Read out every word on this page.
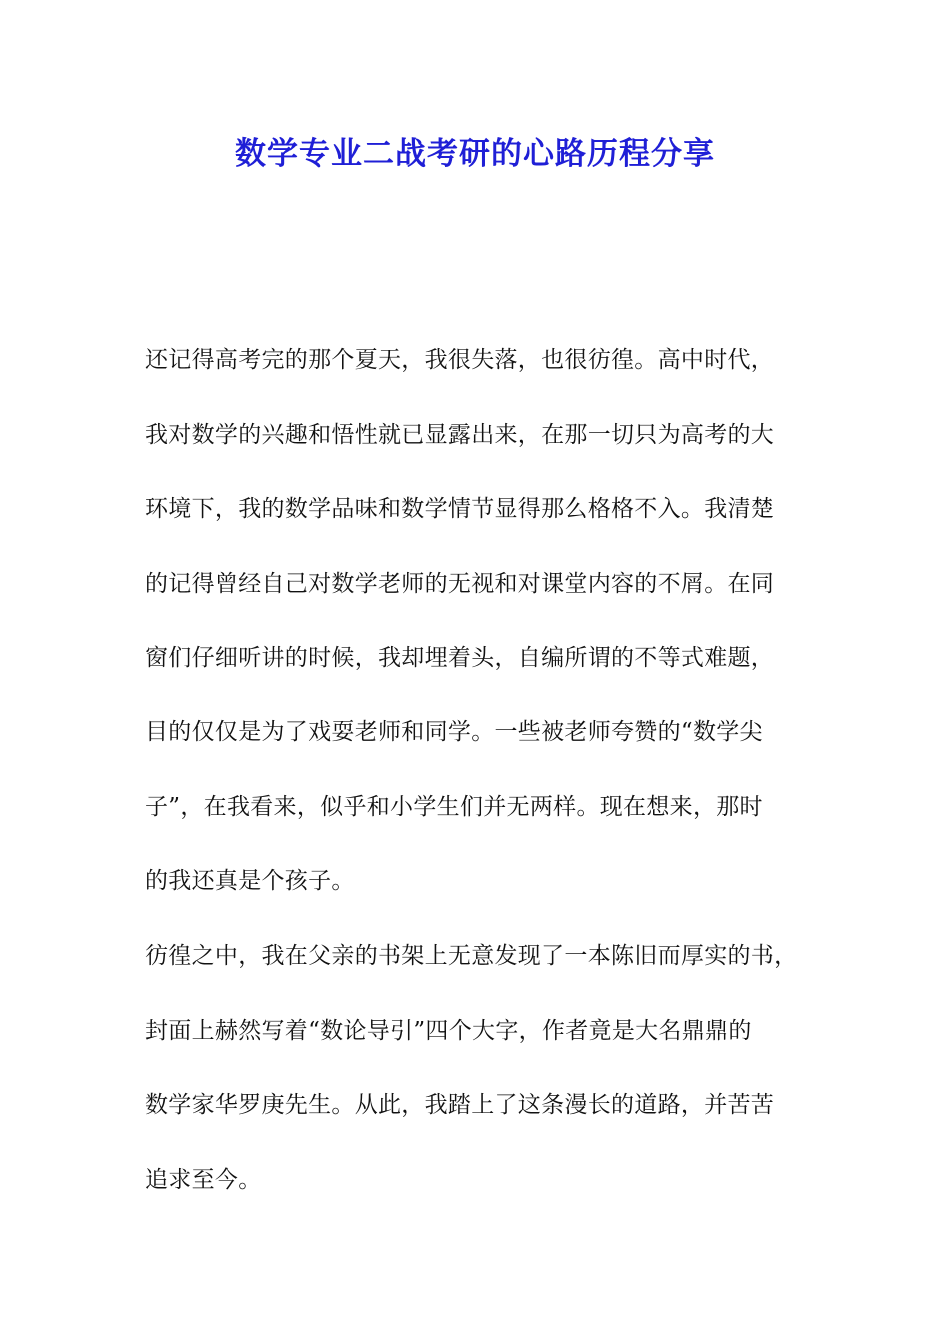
数学专业二战考研的心路历程分享
还记得高考完的那个夏天，我很失落，也很彷徨。高中时代，
我对数学的兴趣和悟性就已显露出来，在那一切只为高考的大
环境下，我的数学品味和数学情节显得那么格格不入。我清楚
的记得曾经自己对数学老师的无视和对课堂内容的不屑。在同
窗们仔细听讲的时候，我却埋着头，自编所谓的不等式难题，
目的仅仅是为了戏耍老师和同学。一些被老师夸赞的“数学尖
子”，在我看来，似乎和小学生们并无两样。现在想来，那时
的我还真是个孩子。
彷徨之中，我在父亲的书架上无意发现了一本陈旧而厚实的书，
封面上赫然写着“数论导引”四个大字，作者竟是大名鼎鼎的
数学家华罗庚先生。从此，我踏上了这条漫长的道路，并苦苦
追求至今。
